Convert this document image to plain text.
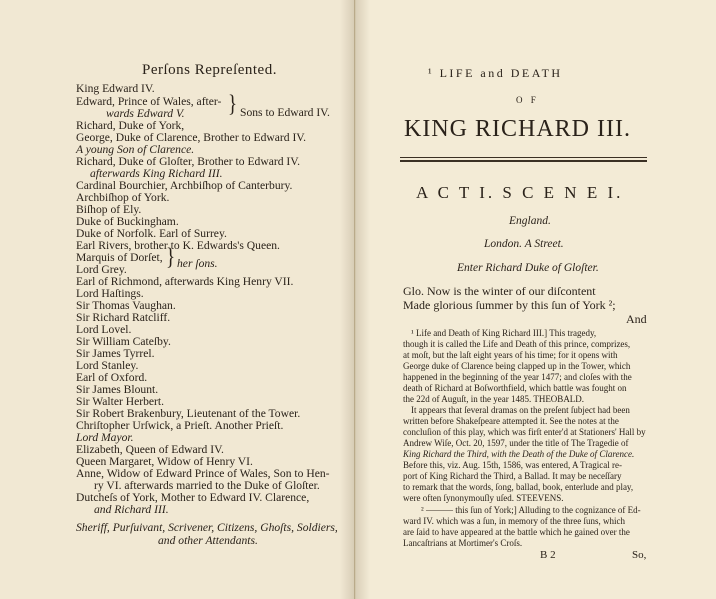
Perſons Repreſented.
King Edward IV.
Edward, Prince of Wales, after-
wards Edward V.
Richard, Duke of York,
} Sons to Edward IV.
George, Duke of Clarence, Brother to Edward IV.
A young Son of Clarence.
Richard, Duke of Gloſter, Brother to Edward IV.
afterwards King Richard III.
Cardinal Bourchier, Archbiſhop of Canterbury.
Archbiſhop of York.
Biſhop of Ely.
Duke of Buckingham.
Duke of Norfolk. Earl of Surrey.
Earl Rivers, brother to K. Edwards's Queen.
Marquis of Dorſet,
Lord Grey. } her ſons.
Earl of Richmond, afterwards King Henry VII.
Lord Haſtings.
Sir Thomas Vaughan.
Sir Richard Ratcliff.
Lord Lovel.
Sir William Cateſby.
Sir James Tyrrel.
Lord Stanley.
Earl of Oxford.
Sir James Blount.
Sir Walter Herbert.
Sir Robert Brakenbury, Lieutenant of the Tower.
Chriſtopher Urſwick, a Prieſt. Another Prieſt.
Lord Mayor.
Elizabeth, Queen of Edward IV.
Queen Margaret, Widow of Henry VI.
Anne, Widow of Edward Prince of Wales, Son to Hen-
ry VI. afterwards married to the Duke of Gloſter.
Dutcheſs of York, Mother to Edward IV. Clarence,
and Richard III.
Sheriff, Purſuivant, Scrivener, Citizens, Ghoſts, Soldiers,
and other Attendants.
¹ LIFE and DEATH
O F
KING RICHARD III.
A C T I. S C E N E I.
England.
London. A Street.
Enter Richard Duke of Gloſter.
Glo. Now is the winter of our diſcontent
Made glorious ſummer by this ſun of York ²;
And
¹ Life and Death of King Richard III.] This tragedy,
though it is called the Life and Death of this prince, comprizes,
at moſt, but the laſt eight years of his time; for it opens with
George duke of Clarence being clapped up in the Tower, which
happened in the beginning of the year 1477; and cloſes with the
death of Richard at Boſworthfield, which battle was fought on
the 22d of Auguſt, in the year 1485. THEOBALD.
It appears that ſeveral dramas on the preſent ſubject had been
written before Shakeſpeare attempted it. See the notes at the
concluſion of this play, which was firſt enter'd at Stationers' Hall by
Andrew Wiſe, Oct. 20, 1597, under the title of The Tragedie of
King Richard the Third, with the Death of the Duke of Clarence.
Before this, viz. Aug. 15th, 1586, was entered, A Tragical re-
port of King Richard the Third, a Ballad. It may be neceſſary
to remark that the words, ſong, ballad, book, enterlude and play,
were often ſynonymouſly uſed. STEEVENS.
² ——— this ſun of York;] Alluding to the cognizance of Ed-
ward IV. which was a ſun, in memory of the three ſuns, which
are ſaid to have appeared at the battle which he gained over the
Lancaſtrians at Mortimer's Croſs.
B 2	So,
